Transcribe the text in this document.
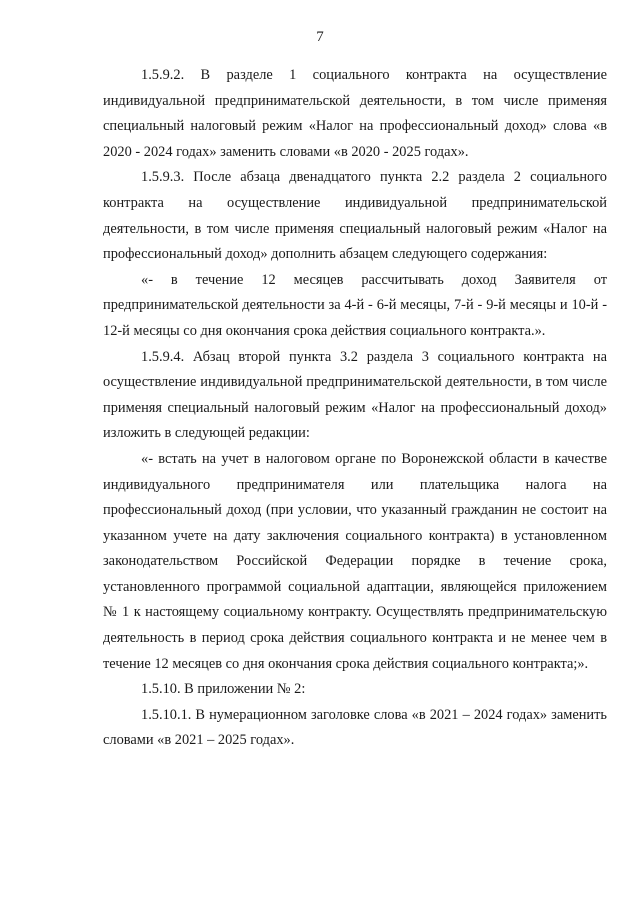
7

1.5.9.2. В разделе 1 социального контракта на осуществление индивидуальной предпринимательской деятельности, в том числе применяя специальный налоговый режим «Налог на профессиональный доход» слова «в 2020 - 2024 годах» заменить словами «в 2020 - 2025 годах».

1.5.9.3. После абзаца двенадцатого пункта 2.2 раздела 2 социального контракта на осуществление индивидуальной предпринимательской деятельности, в том числе применяя специальный налоговый режим «Налог на профессиональный доход» дополнить абзацем следующего содержания:

«- в течение 12 месяцев рассчитывать доход Заявителя от предпринимательской деятельности за 4-й - 6-й месяцы, 7-й - 9-й месяцы и 10-й - 12-й месяцы со дня окончания срока действия социального контракта.».

1.5.9.4. Абзац второй пункта 3.2 раздела 3 социального контракта на осуществление индивидуальной предпринимательской деятельности, в том числе применяя специальный налоговый режим «Налог на профессиональный доход» изложить в следующей редакции:

«- встать на учет в налоговом органе по Воронежской области в качестве индивидуального предпринимателя или плательщика налога на профессиональный доход (при условии, что указанный гражданин не состоит на указанном учете на дату заключения социального контракта) в установленном законодательством Российской Федерации порядке в течение срока, установленного программой социальной адаптации, являющейся приложением № 1 к настоящему социальному контракту. Осуществлять предпринимательскую деятельность в период срока действия социального контракта и не менее чем в течение 12 месяцев со дня окончания срока действия социального контракта;».

1.5.10. В приложении № 2:

1.5.10.1. В нумерационном заголовке слова «в 2021 – 2024 годах» заменить словами «в 2021 – 2025 годах».
